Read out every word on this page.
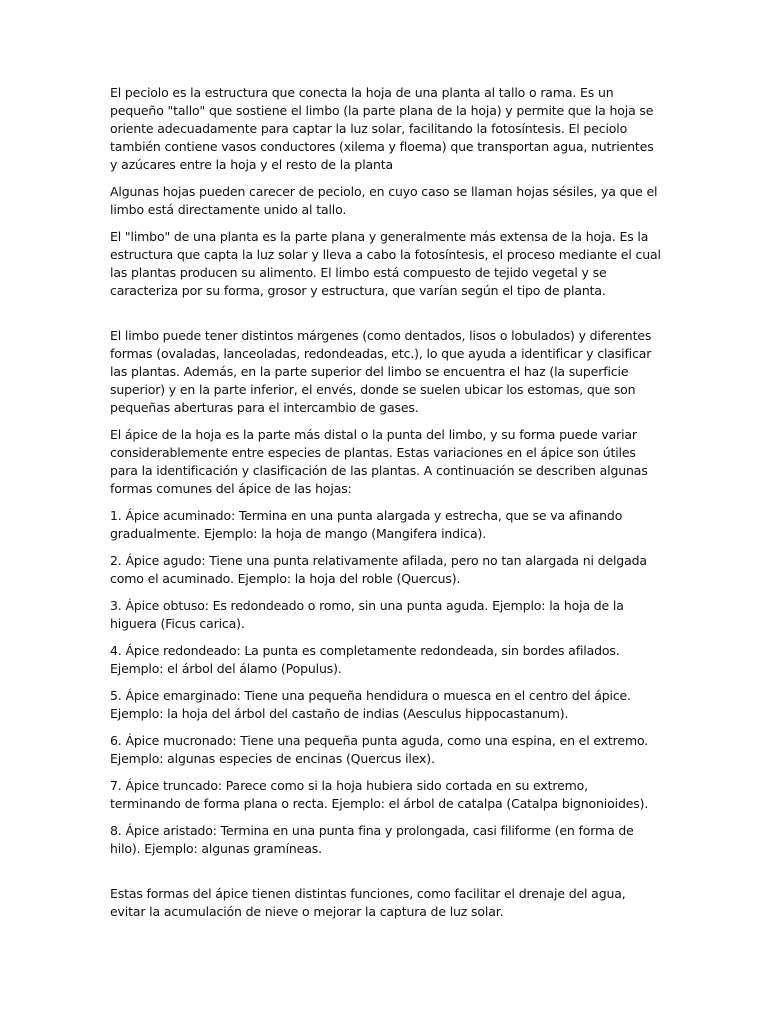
El peciolo es la estructura que conecta la hoja de una planta al tallo o rama. Es un pequeño "tallo" que sostiene el limbo (la parte plana de la hoja) y permite que la hoja se oriente adecuadamente para captar la luz solar, facilitando la fotosíntesis. El peciolo también contiene vasos conductores (xilema y floema) que transportan agua, nutrientes y azúcares entre la hoja y el resto de la planta

Algunas hojas pueden carecer de peciolo, en cuyo caso se llaman hojas sésiles, ya que el limbo está directamente unido al tallo.

El "limbo" de una planta es la parte plana y generalmente más extensa de la hoja. Es la estructura que capta la luz solar y lleva a cabo la fotosíntesis, el proceso mediante el cual las plantas producen su alimento. El limbo está compuesto de tejido vegetal y se caracteriza por su forma, grosor y estructura, que varían según el tipo de planta.

El limbo puede tener distintos márgenes (como dentados, lisos o lobulados) y diferentes formas (ovaladas, lanceoladas, redondeadas, etc.), lo que ayuda a identificar y clasificar las plantas. Además, en la parte superior del limbo se encuentra el haz (la superficie superior) y en la parte inferior, el envés, donde se suelen ubicar los estomas, que son pequeñas aberturas para el intercambio de gases.

El ápice de la hoja es la parte más distal o la punta del limbo, y su forma puede variar considerablemente entre especies de plantas. Estas variaciones en el ápice son útiles para la identificación y clasificación de las plantas. A continuación se describen algunas formas comunes del ápice de las hojas:

1. Ápice acuminado: Termina en una punta alargada y estrecha, que se va afinando gradualmente. Ejemplo: la hoja de mango (Mangifera indica).

2. Ápice agudo: Tiene una punta relativamente afilada, pero no tan alargada ni delgada como el acuminado. Ejemplo: la hoja del roble (Quercus).

3. Ápice obtuso: Es redondeado o romo, sin una punta aguda. Ejemplo: la hoja de la higuera (Ficus carica).

4. Ápice redondeado: La punta es completamente redondeada, sin bordes afilados. Ejemplo: el árbol del álamo (Populus).

5. Ápice emarginado: Tiene una pequeña hendidura o muesca en el centro del ápice. Ejemplo: la hoja del árbol del castaño de indias (Aesculus hippocastanum).

6. Ápice mucronado: Tiene una pequeña punta aguda, como una espina, en el extremo. Ejemplo: algunas especies de encinas (Quercus ilex).

7. Ápice truncado: Parece como si la hoja hubiera sido cortada en su extremo, terminando de forma plana o recta. Ejemplo: el árbol de catalpa (Catalpa bignonioides).

8. Ápice aristado: Termina en una punta fina y prolongada, casi filiforme (en forma de hilo). Ejemplo: algunas gramíneas.

Estas formas del ápice tienen distintas funciones, como facilitar el drenaje del agua, evitar la acumulación de nieve o mejorar la captura de luz solar.
